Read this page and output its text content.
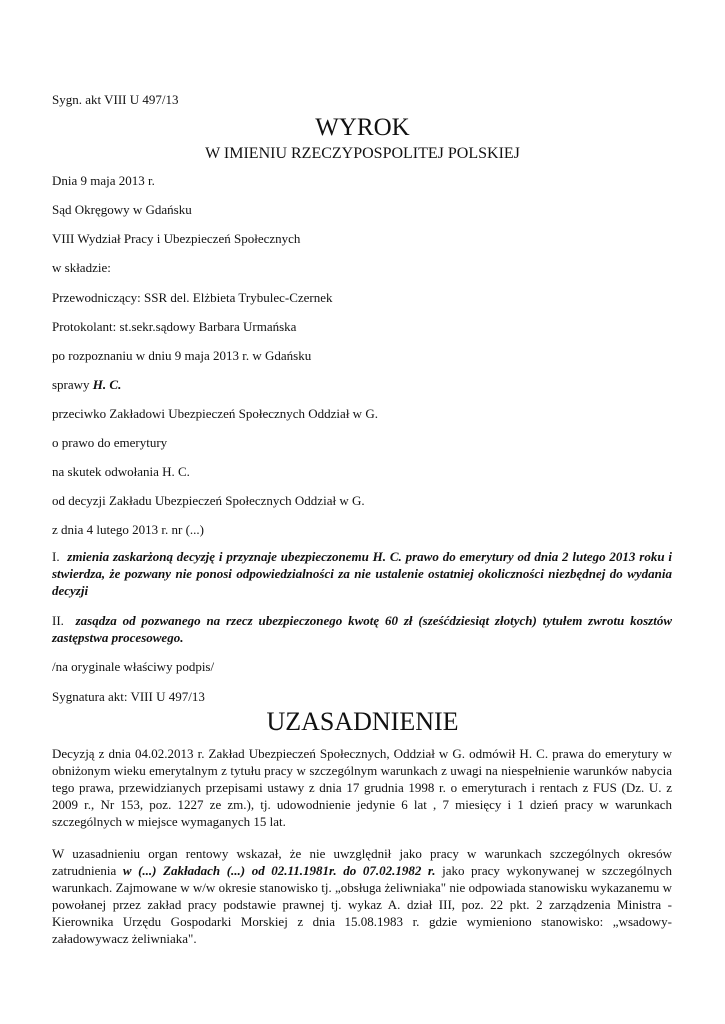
Sygn. akt VIII U 497/13
WYROK
W IMIENIU RZECZYPOSPOLITEJ POLSKIEJ
Dnia 9 maja 2013 r.
Sąd Okręgowy w Gdańsku
VIII Wydział Pracy i Ubezpieczeń Społecznych
w składzie:
Przewodniczący: SSR del. Elżbieta Trybulec-Czernek
Protokolant: st.sekr.sądowy Barbara Urmańska
po rozpoznaniu w dniu 9 maja 2013 r. w Gdańsku
sprawy H. C.
przeciwko Zakładowi Ubezpieczeń Społecznych Oddział w G.
o prawo do emerytury
na skutek odwołania H. C.
od decyzji Zakładu Ubezpieczeń Społecznych Oddział w G.
z dnia 4 lutego 2013 r. nr (...)
I. zmienia zaskarżoną decyzję i przyznaje ubezpieczonemu H. C. prawo do emerytury od dnia 2 lutego 2013 roku i stwierdza, że pozwany nie ponosi odpowiedzialności za nie ustalenie ostatniej okoliczności niezbędnej do wydania decyzji
II. zasądza od pozwanego na rzecz ubezpieczonego kwotę 60 zł (sześćdziesiąt złotych) tytułem zwrotu kosztów zastępstwa procesowego.
/na oryginale właściwy podpis/
Sygnatura akt: VIII U 497/13
UZASADNIENIE
Decyzją z dnia 04.02.2013 r. Zakład Ubezpieczeń Społecznych, Oddział w G. odmówił H. C. prawa do emerytury w obniżonym wieku emerytalnym z tytułu pracy w szczególnym warunkach z uwagi na niespełnienie warunków nabycia tego prawa, przewidzianych przepisami ustawy z dnia 17 grudnia 1998 r. o emeryturach i rentach z FUS (Dz. U. z 2009 r., Nr 153, poz. 1227 ze zm.), tj. udowodnienie jedynie 6 lat , 7 miesięcy i 1 dzień pracy w warunkach szczególnych w miejsce wymaganych 15 lat.
W uzasadnieniu organ rentowy wskazał, że nie uwzględnił jako pracy w warunkach szczególnych okresów zatrudnienia w (...) Zakładach (...) od 02.11.1981r. do 07.02.1982 r. jako pracy wykonywanej w szczególnych warunkach. Zajmowane w w/w okresie stanowisko tj. „obsługa żeliwniaka" nie odpowiada stanowisku wykazanemu w powołanej przez zakład pracy podstawie prawnej tj. wykaz A. dział III, poz. 22 pkt. 2 zarządzenia Ministra - Kierownika Urzędu Gospodarki Morskiej z dnia 15.08.1983 r. gdzie wymieniono stanowisko: „wsadowy-załadowywacz żeliwniaka".
